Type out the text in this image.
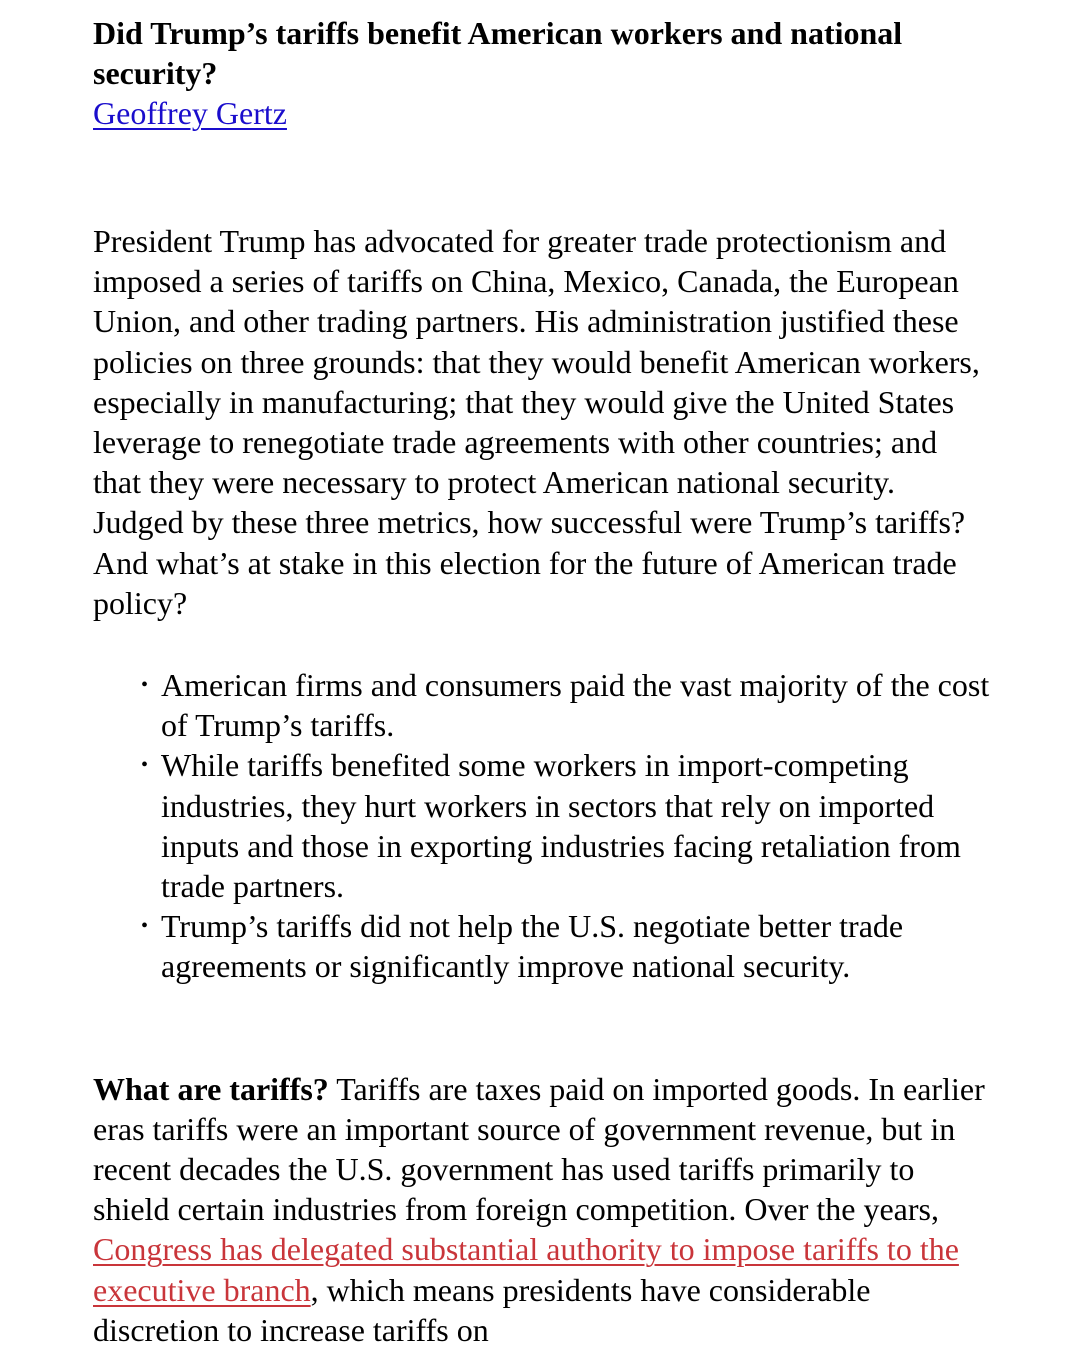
Did Trump’s tariffs benefit American workers and national security?
Geoffrey Gertz

President Trump has advocated for greater trade protectionism and imposed a series of tariffs on China, Mexico, Canada, the European Union, and other trading partners. His administration justified these policies on three grounds: that they would benefit American workers, especially in manufacturing; that they would give the United States leverage to renegotiate trade agreements with other countries; and that they were necessary to protect American national security. Judged by these three metrics, how successful were Trump’s tariffs? And what’s at stake in this election for the future of American trade policy?

• American firms and consumers paid the vast majority of the cost of Trump’s tariffs.
• While tariffs benefited some workers in import-competing industries, they hurt workers in sectors that rely on imported inputs and those in exporting industries facing retaliation from trade partners.
• Trump’s tariffs did not help the U.S. negotiate better trade agreements or significantly improve national security.

What are tariffs? Tariffs are taxes paid on imported goods. In earlier eras tariffs were an important source of government revenue, but in recent decades the U.S. government has used tariffs primarily to shield certain industries from foreign competition. Over the years, Congress has delegated substantial authority to impose tariffs to the executive branch, which means presidents have considerable discretion to increase tariffs on
